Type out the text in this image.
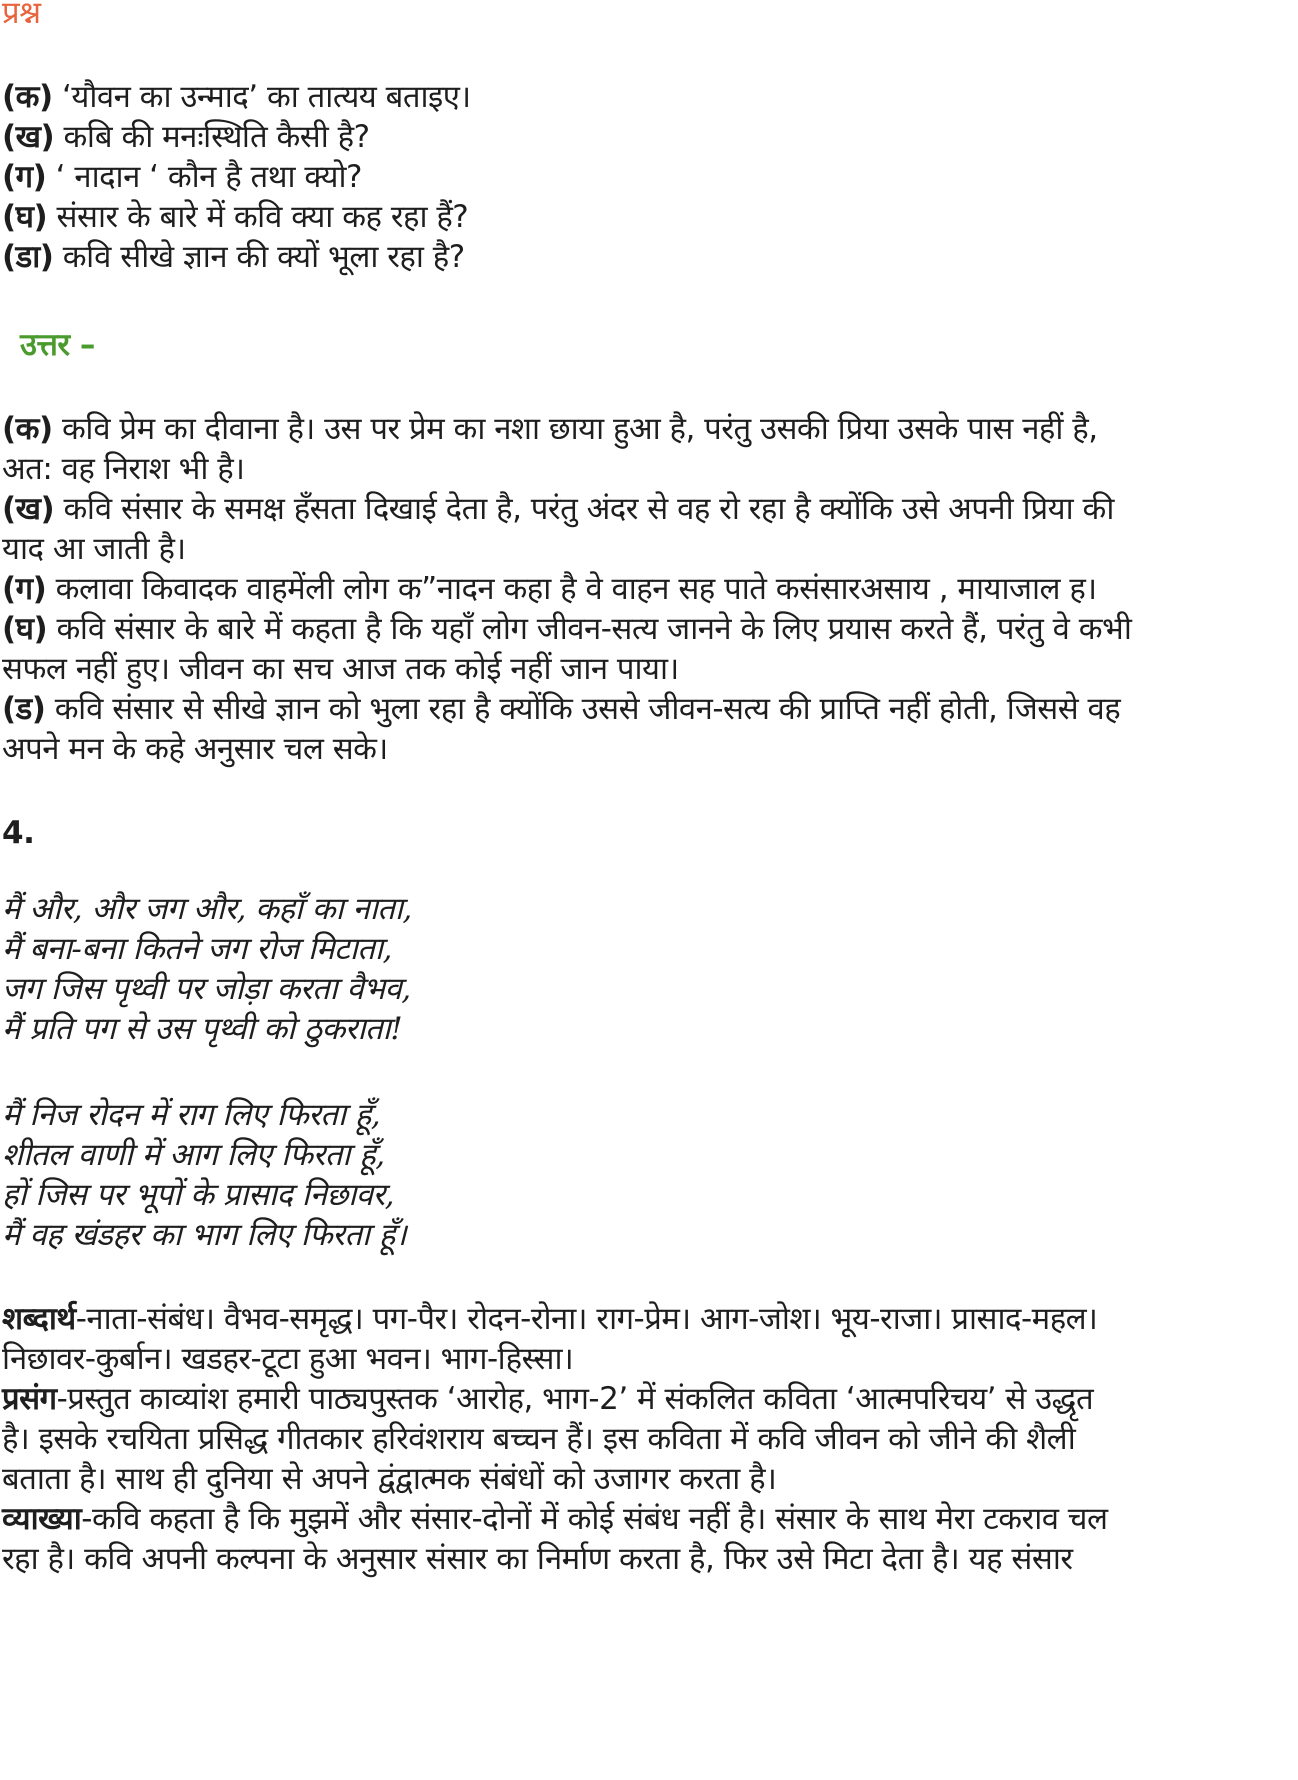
प्रश्न
(क) ‘यौवन का उन्माद’ का तात्यय बताइए।
(ख) कबि की मनःस्थिति कैसी है?
(ग) ‘ नादान ‘ कौन है तथा क्यो?
(घ) संसार के बारे में कवि क्या कह रहा हैं?
(डा) कवि सीखे ज्ञान की क्यों भूला रहा है?
उत्तर –
(क) कवि प्रेम का दीवाना है। उस पर प्रेम का नशा छाया हुआ है, परंतु उसकी प्रिया उसके पास नहीं है,
अत: वह निराश भी है।
(ख) कवि संसार के समक्ष हँसता दिखाई देता है, परंतु अंदर से वह रो रहा है क्योंकि उसे अपनी प्रिया की
याद आ जाती है।
(ग) कलावा किवादक वाहमेंली लोग क”नादन कहा है वे वाहन सह पाते कसंसारअसाय , मायाजाल ह।
(घ) कवि संसार के बारे में कहता है कि यहाँ लोग जीवन-सत्य जानने के लिए प्रयास करते हैं, परंतु वे कभी
सफल नहीं हुए। जीवन का सच आज तक कोई नहीं जान पाया।
(ड) कवि संसार से सीखे ज्ञान को भुला रहा है क्योंकि उससे जीवन-सत्य की प्राप्ति नहीं होती, जिससे वह
अपने मन के कहे अनुसार चल सके।
4.
मैं और, और जग और, कहाँ का नाता,
मैं बना-बना कितने जग रोज मिटाता,
जग जिस पृथ्वी पर जोड़ा करता वैभव,
मैं प्रति पग से उस पृथ्वी को ठुकराता!
मैं निज रोदन में राग लिए फिरता हूँ,
शीतल वाणी में आग लिए फिरता हूँ,
हों जिस पर भूपों के प्रासाद निछावर,
मैं वह खंडहर का भाग लिए फिरता हूँ।
शब्दार्थ-नाता-संबंध। वैभव-समृद्ध। पग-पैर। रोदन-रोना। राग-प्रेम। आग-जोश। भूय-राजा। प्रासाद-महल।
निछावर-कुर्बान। खडहर-टूटा हुआ भवन। भाग-हिस्सा।
प्रसंग-प्रस्तुत काव्यांश हमारी पाठ्यपुस्तक ‘आरोह, भाग-2’ में संकलित कविता ‘आत्मपरिचय’ से उद्धृत
है। इसके रचयिता प्रसिद्ध गीतकार हरिवंशराय बच्चन हैं। इस कविता में कवि जीवन को जीने की शैली
बताता है। साथ ही दुनिया से अपने द्वंद्वात्मक संबंधों को उजागर करता है।
व्याख्या-कवि कहता है कि मुझमें और संसार-दोनों में कोई संबंध नहीं है। संसार के साथ मेरा टकराव चल
रहा है। कवि अपनी कल्पना के अनुसार संसार का निर्माण करता है, फिर उसे मिटा देता है। यह संसार
